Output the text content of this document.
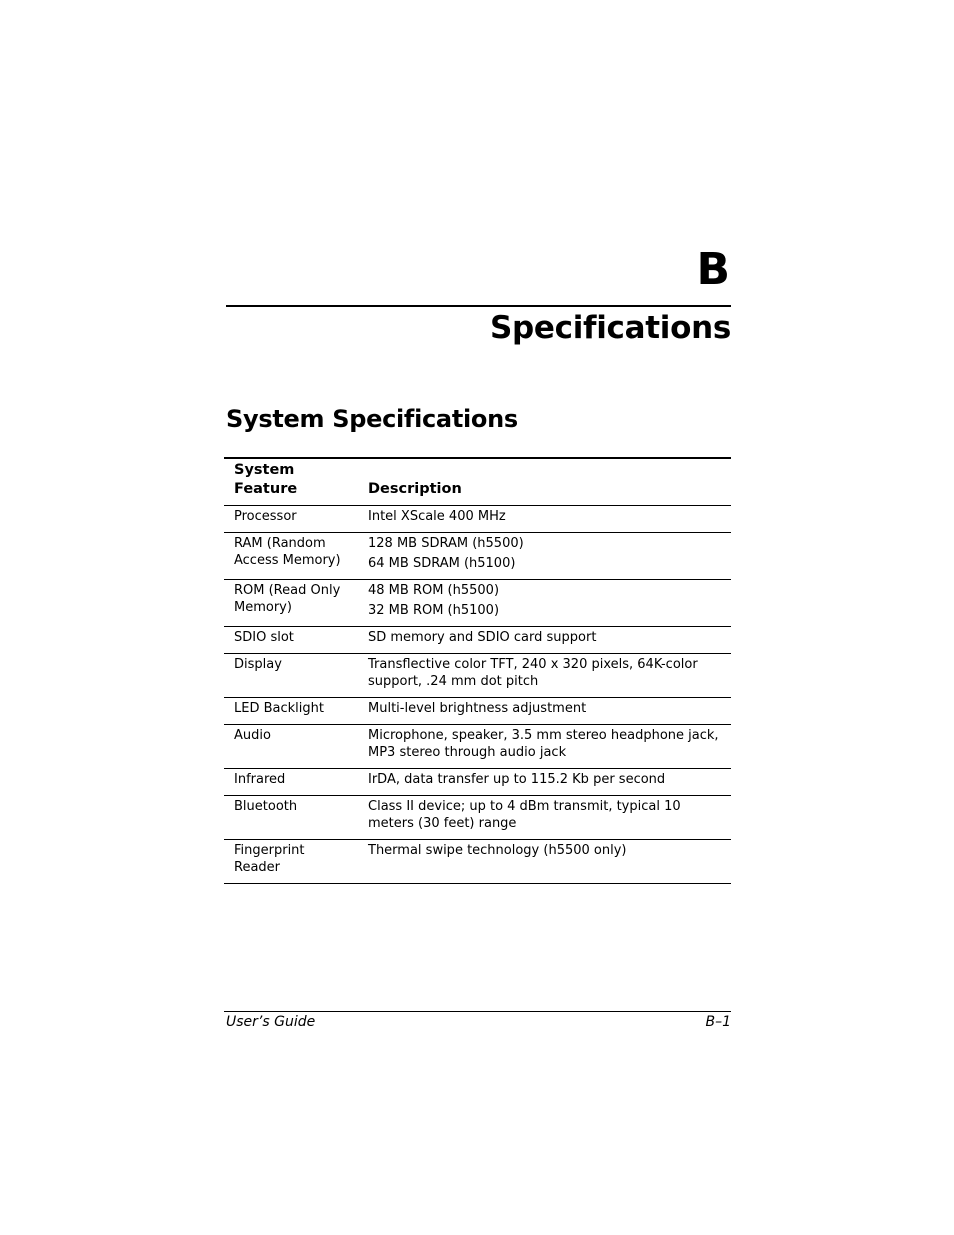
B
Specifications
System Specifications
System
Feature	Description
Processor	Intel XScale 400 MHz

RAM (Random Access Memory)	128 MB SDRAM (h5500)
64 MB SDRAM (h5100)

ROM (Read Only Memory)	48 MB ROM (h5500)
32 MB ROM (h5100)

SDIO slot	SD memory and SDIO card support

Display	Transflective color TFT, 240 x 320 pixels, 64K-color support, .24 mm dot pitch

LED Backlight	Multi-level brightness adjustment

Audio	Microphone, speaker, 3.5 mm stereo headphone jack, MP3 stereo through audio jack

Infrared	IrDA, data transfer up to 115.2 Kb per second

Bluetooth	Class II device; up to 4 dBm transmit, typical 10 meters (30 feet) range

Fingerprint Reader	Thermal swipe technology (h5500 only)
User’s Guide	B–1
